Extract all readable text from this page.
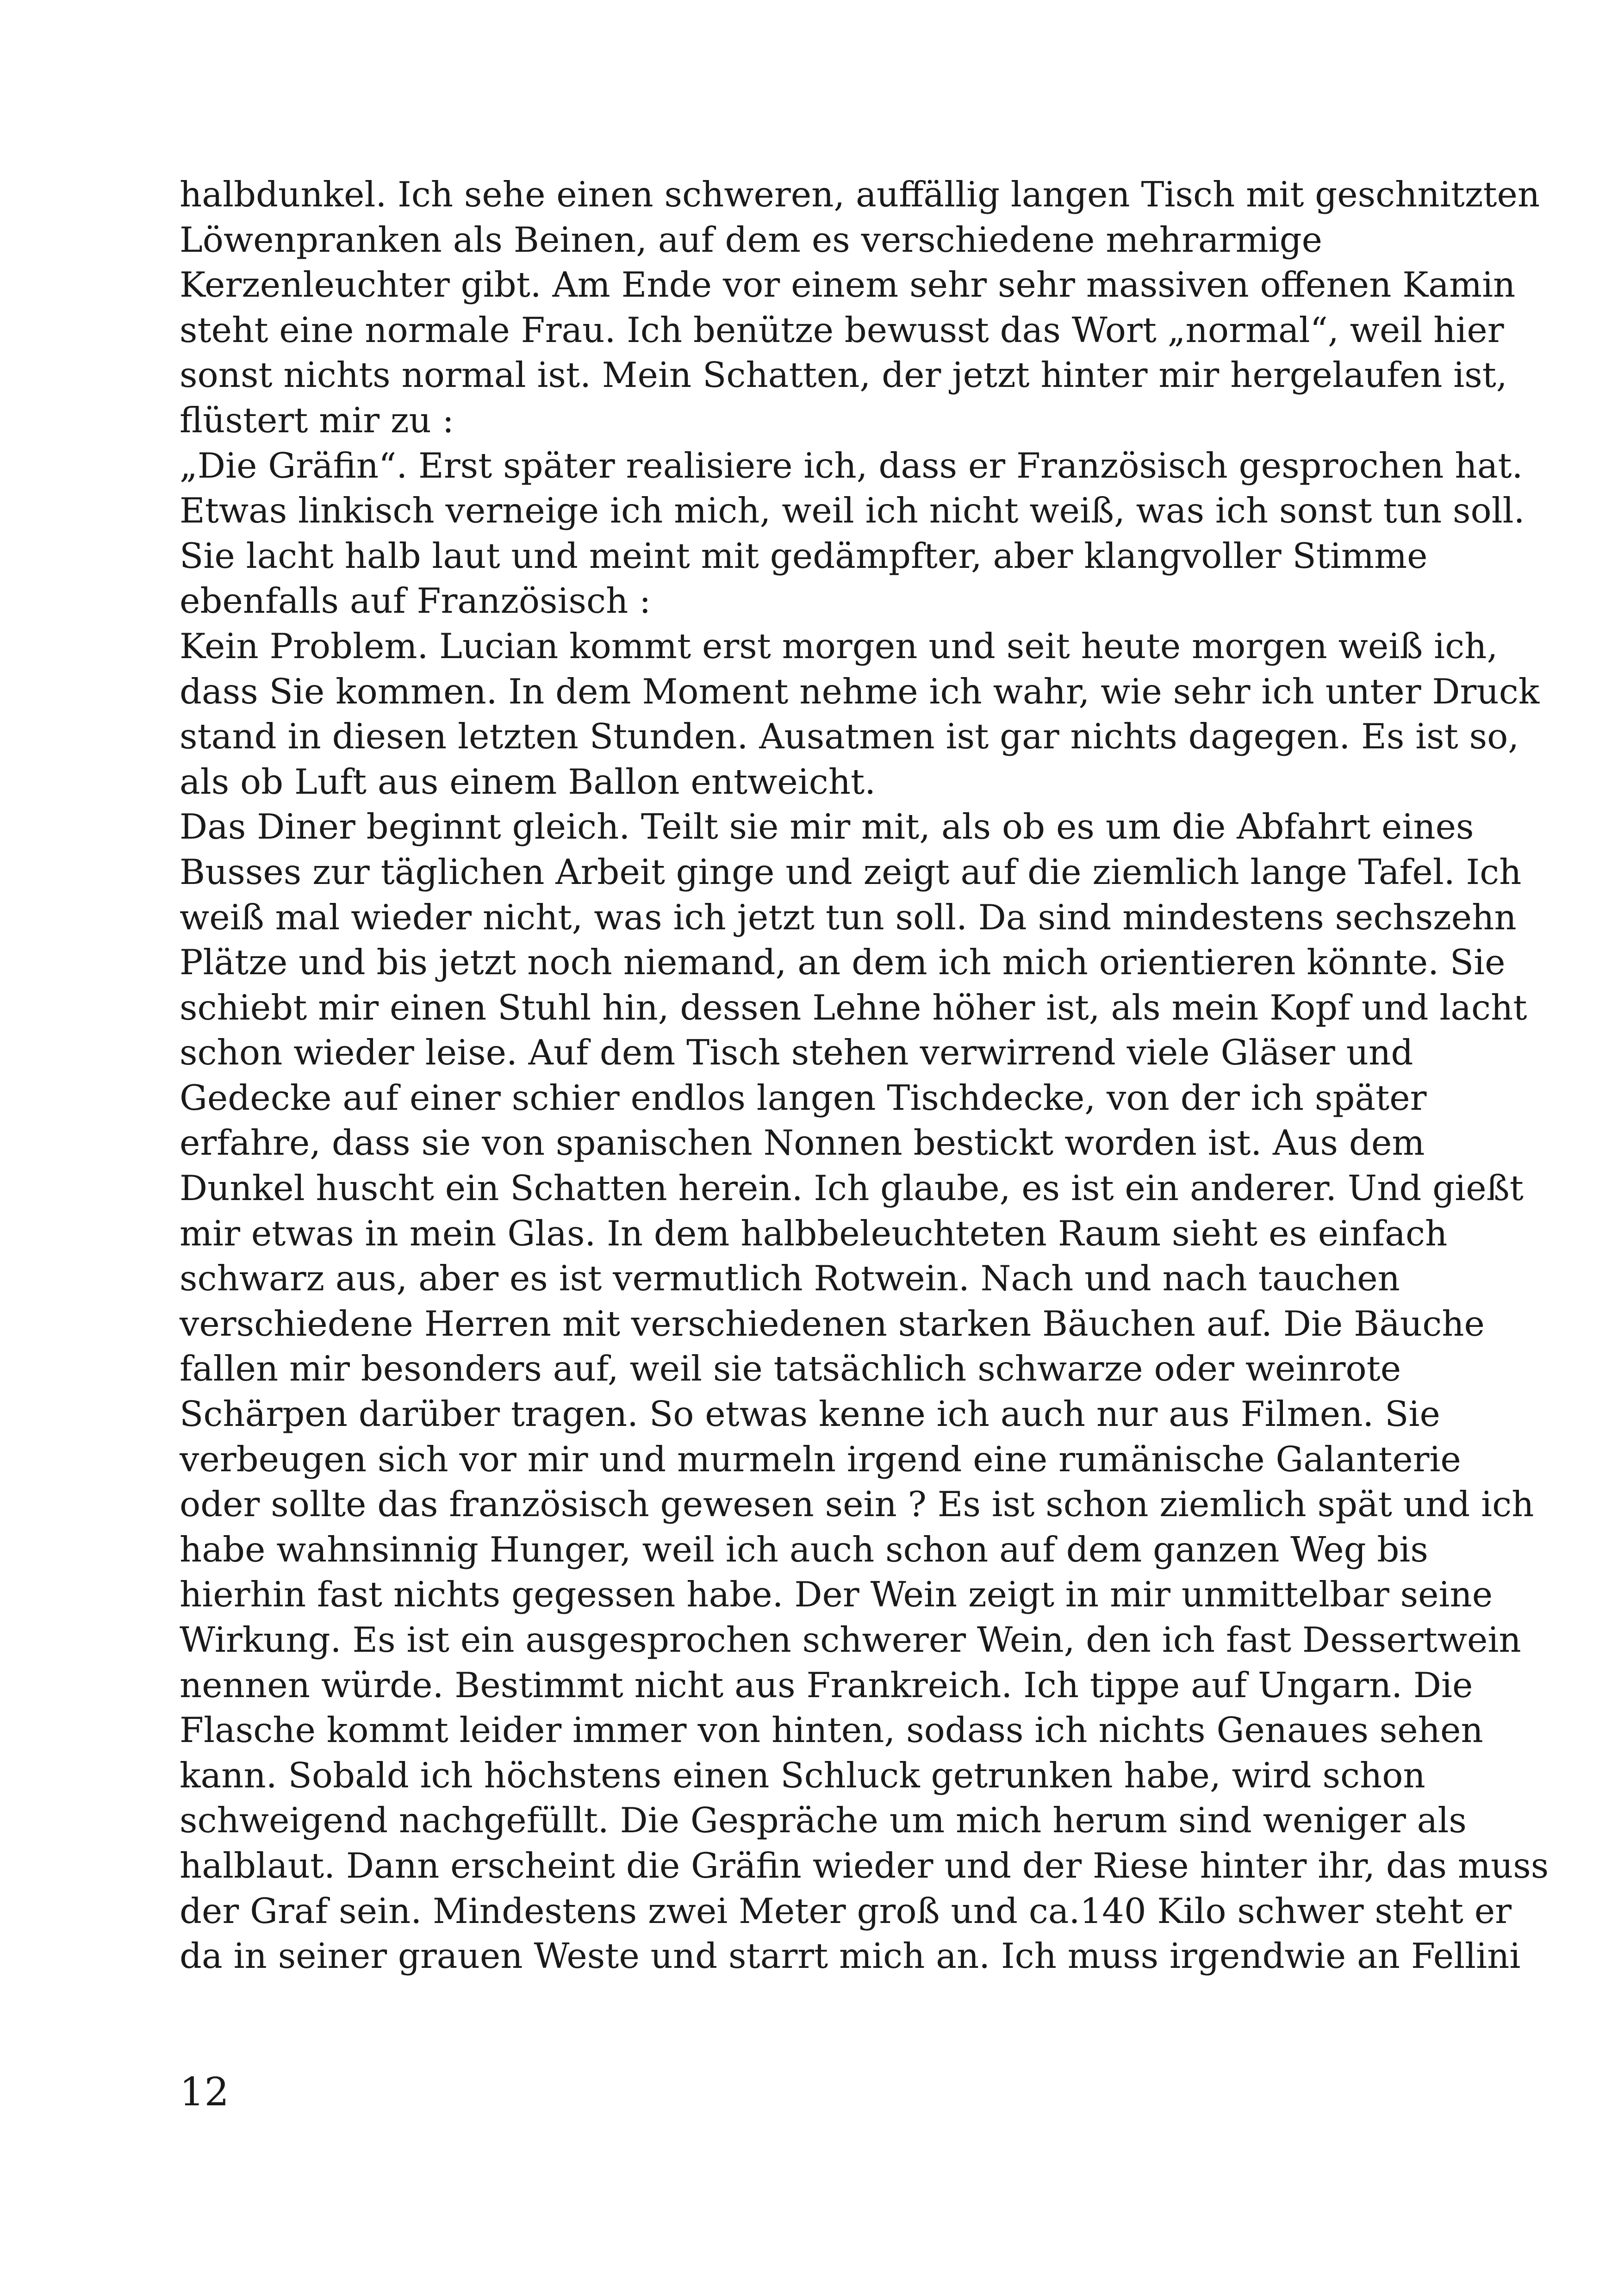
halbdunkel. Ich sehe einen schweren, auffällig langen Tisch mit geschnitzten
Löwenpranken als Beinen, auf dem es verschiedene mehrarmige
Kerzenleuchter gibt. Am Ende vor einem sehr sehr massiven offenen Kamin
steht eine normale Frau. Ich benütze bewusst das Wort „normal“, weil hier
sonst nichts normal ist. Mein Schatten, der jetzt hinter mir hergelaufen ist,
flüstert mir zu :
„Die Gräfin“. Erst später realisiere ich, dass er Französisch gesprochen hat.
Etwas linkisch verneige ich mich, weil ich nicht weiß, was ich sonst tun soll.
Sie lacht halb laut und meint mit gedämpfter, aber klangvoller Stimme
ebenfalls auf Französisch :
Kein Problem. Lucian kommt erst morgen und seit heute morgen weiß ich,
dass Sie kommen. In dem Moment nehme ich wahr, wie sehr ich unter Druck
stand in diesen letzten Stunden. Ausatmen ist gar nichts dagegen. Es ist so,
als ob Luft aus einem Ballon entweicht.
Das Diner beginnt gleich. Teilt sie mir mit, als ob es um die Abfahrt eines
Busses zur täglichen Arbeit ginge und zeigt auf die ziemlich lange Tafel. Ich
weiß mal wieder nicht, was ich jetzt tun soll. Da sind mindestens sechszehn
Plätze und bis jetzt noch niemand, an dem ich mich orientieren könnte. Sie
schiebt mir einen Stuhl hin, dessen Lehne höher ist, als mein Kopf und lacht
schon wieder leise. Auf dem Tisch stehen verwirrend viele Gläser und
Gedecke auf einer schier endlos langen Tischdecke, von der ich später
erfahre, dass sie von spanischen Nonnen bestickt worden ist. Aus dem
Dunkel huscht ein Schatten herein. Ich glaube, es ist ein anderer. Und gießt
mir etwas in mein Glas. In dem halbbeleuchteten Raum sieht es einfach
schwarz aus, aber es ist vermutlich Rotwein. Nach und nach tauchen
verschiedene Herren mit verschiedenen starken Bäuchen auf. Die Bäuche
fallen mir besonders auf, weil sie tatsächlich schwarze oder weinrote
Schärpen darüber tragen. So etwas kenne ich auch nur aus Filmen. Sie
verbeugen sich vor mir und murmeln irgend eine rumänische Galanterie
oder sollte das französisch gewesen sein ? Es ist schon ziemlich spät und ich
habe wahnsinnig Hunger, weil ich auch schon auf dem ganzen Weg bis
hierhin fast nichts gegessen habe. Der Wein zeigt in mir unmittelbar seine
Wirkung. Es ist ein ausgesprochen schwerer Wein, den ich fast Dessertwein
nennen würde. Bestimmt nicht aus Frankreich. Ich tippe auf Ungarn. Die
Flasche kommt leider immer von hinten, sodass ich nichts Genaues sehen
kann. Sobald ich höchstens einen Schluck getrunken habe, wird schon
schweigend nachgefüllt. Die Gespräche um mich herum sind weniger als
halblaut. Dann erscheint die Gräfin wieder und der Riese hinter ihr, das muss
der Graf sein. Mindestens zwei Meter groß und ca.140 Kilo schwer steht er
da in seiner grauen Weste und starrt mich an. Ich muss irgendwie an Fellini
12
